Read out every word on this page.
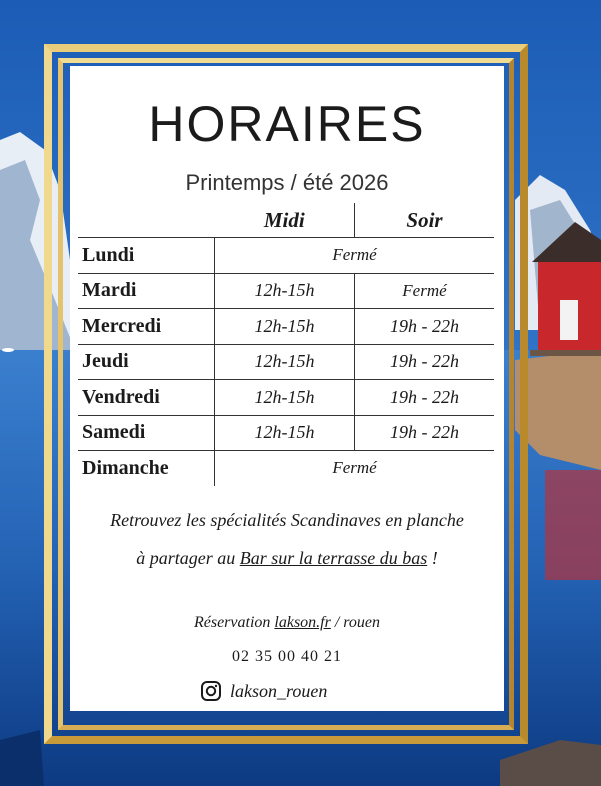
HORAIRES
Printemps / été 2026
	Midi	Soir
Lundi	Fermé	
Mardi	12h-15h	Fermé
Mercredi	12h-15h	19h - 22h
Jeudi	12h-15h	19h - 22h
Vendredi	12h-15h	19h - 22h
Samedi	12h-15h	19h - 22h
Dimanche	Fermé	
Retrouvez les spécialités Scandinaves en planche
à partager au Bar sur la terrasse du bas !
Réservation lakson.fr / rouen
02 35 00 40 21
lakson_rouen
